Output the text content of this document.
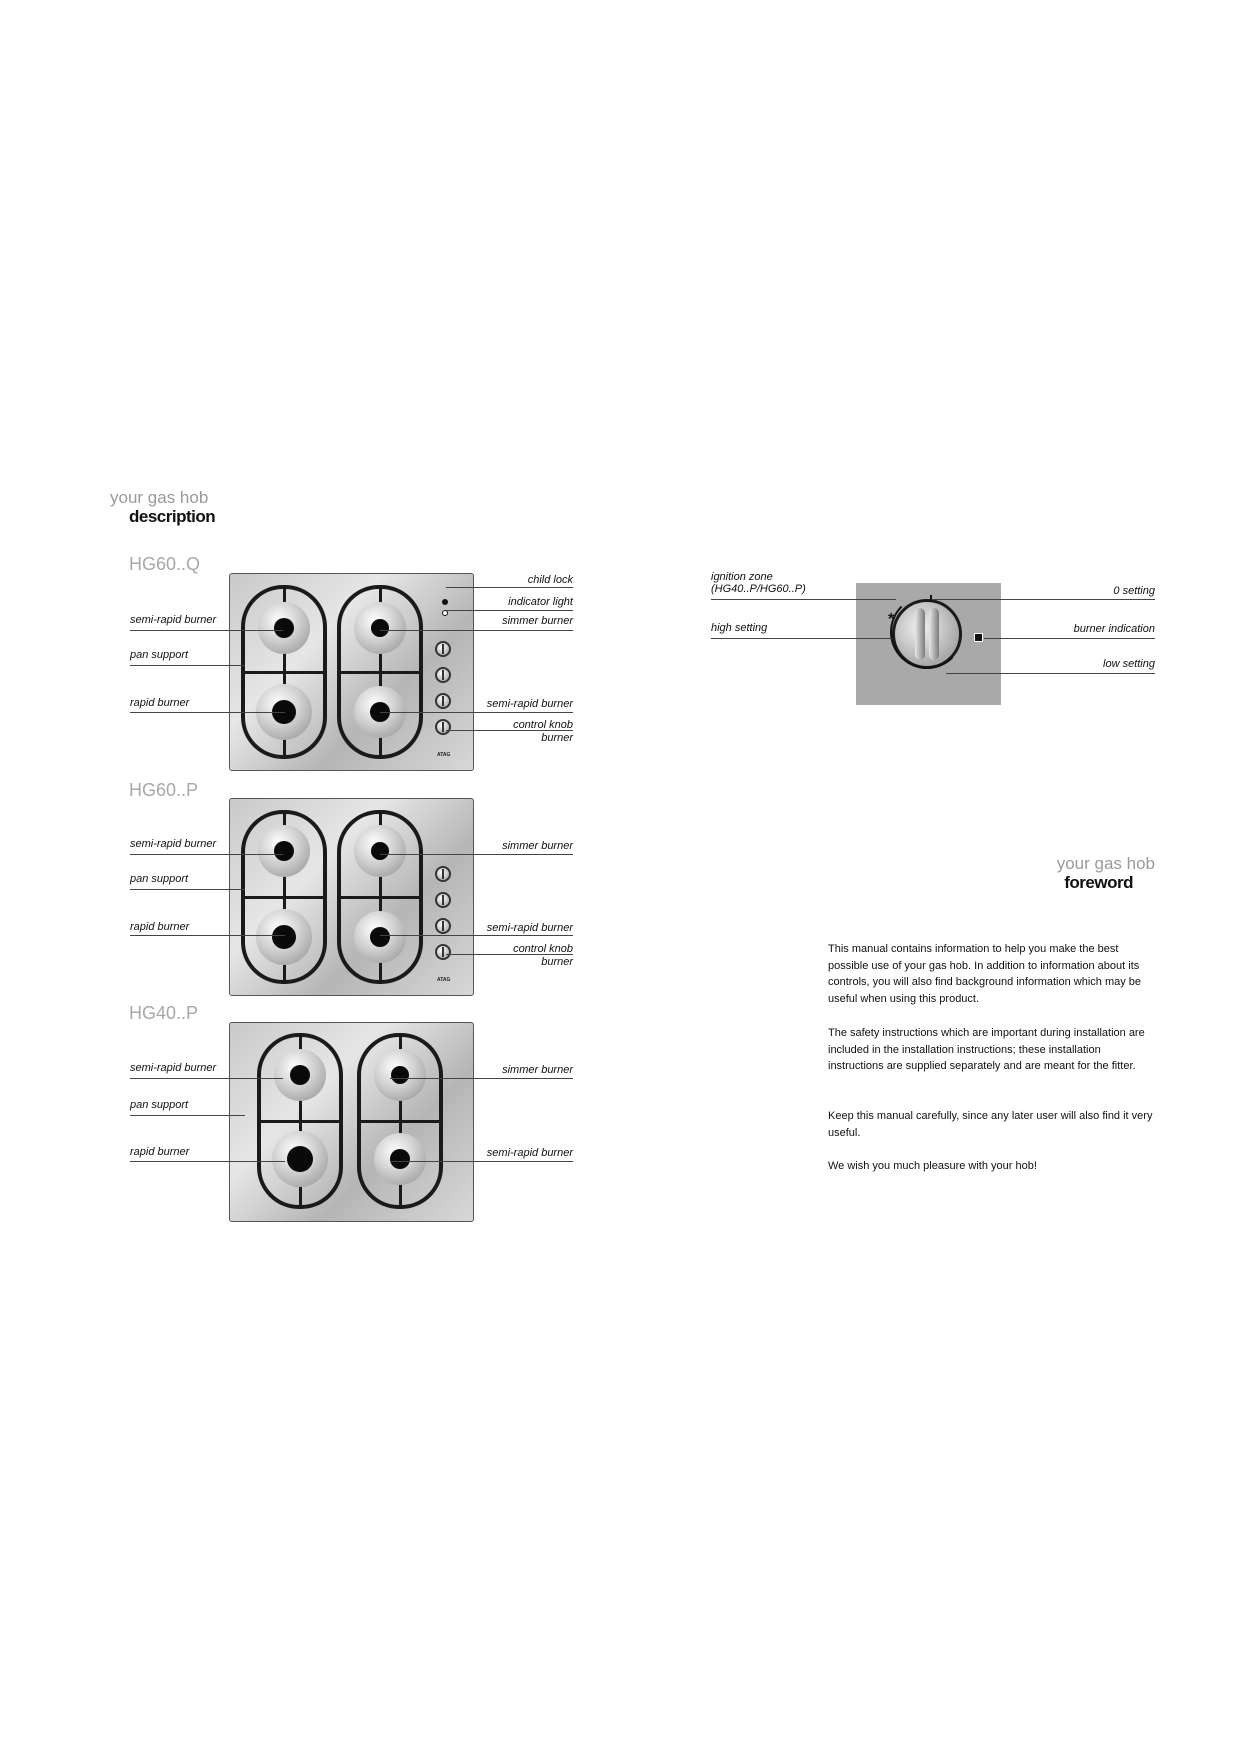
your gas hob
description
HG60..Q
ATAG
child lock
indicator light
simmer burner
semi-rapid burner
pan support
rapid burner	semi-rapid burner
control knob
burner
HG60..P
ATAG
semi-rapid burner	simmer burner
pan support
rapid burner	semi-rapid burner
control knob
burner
HG40..P
semi-rapid burner	simmer burner
pan support
rapid burner	semi-rapid burner
*
ignition zone
(HG40..P/HG60..P)
high setting
0 setting
burner indication
low setting
your gas hob
foreword
This manual contains information to help you make the best possible use of your gas hob. In addition to information about its controls, you will also find background information which may be useful when using this product.
The safety instructions which are important during installation are included in the installation instructions; these installation instructions are supplied separately and are meant for the fitter.
Keep this manual carefully, since any later user will also find it very useful.
We wish you much pleasure with your hob!
